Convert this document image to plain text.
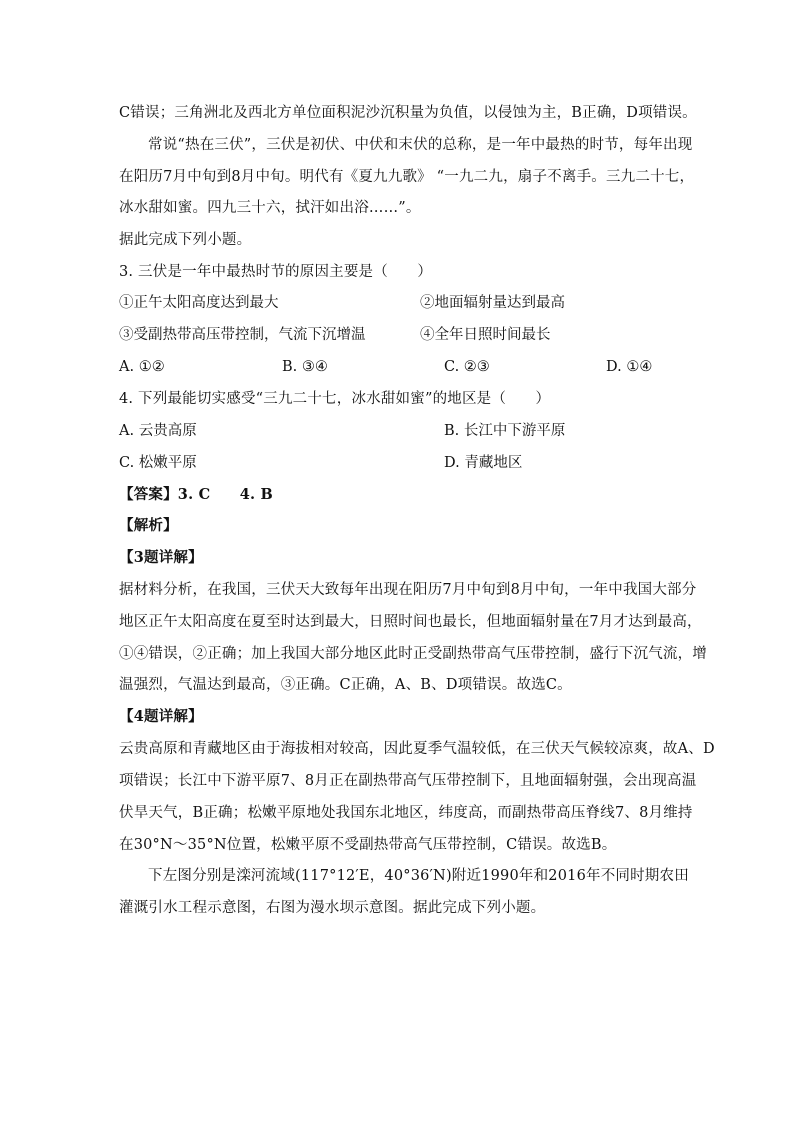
C错误；三角洲北及西北方单位面积泥沙沉积量为负值，以侵蚀为主，B正确，D项错误。
常说“热在三伏”，三伏是初伏、中伏和末伏的总称，是一年中最热的时节，每年出现
在阳历7月中旬到8月中旬。明代有《夏九九歌》 “一九二九，扇子不离手。三九二十七，
冰水甜如蜜。四九三十六，拭汗如出浴……”。
据此完成下列小题。
3. 三伏是一年中最热时节的原因主要是（　　）
①正午太阳高度达到最大	②地面辐射量达到最高
③受副热带高压带控制，气流下沉增温	④全年日照时间最长
A. ①②	B. ③④	C. ②③	D. ①④
4. 下列最能切实感受“三九二十七，冰水甜如蜜”的地区是（　　）
A. 云贵高原	B. 长江中下游平原
C. 松嫩平原	D. 青藏地区
【答案】3. C　　4. B
【解析】
【3题详解】
据材料分析，在我国，三伏天大致每年出现在阳历7月中旬到8月中旬，一年中我国大部分
地区正午太阳高度在夏至时达到最大，日照时间也最长，但地面辐射量在7月才达到最高，
①④错误，②正确；加上我国大部分地区此时正受副热带高气压带控制，盛行下沉气流，增
温强烈，气温达到最高，③正确。C正确，A、B、D项错误。故选C。
【4题详解】
云贵高原和青藏地区由于海拔相对较高，因此夏季气温较低，在三伏天气候较凉爽，故A、D
项错误；长江中下游平原7、8月正在副热带高气压带控制下，且地面辐射强，会出现高温
伏旱天气，B正确；松嫩平原地处我国东北地区，纬度高，而副热带高压脊线7、8月维持
在30°N～35°N位置，松嫩平原不受副热带高气压带控制，C错误。故选B。
下左图分别是滦河流域(117°12′E，40°36′N)附近1990年和2016年不同时期农田
灌溉引水工程示意图，右图为漫水坝示意图。据此完成下列小题。
